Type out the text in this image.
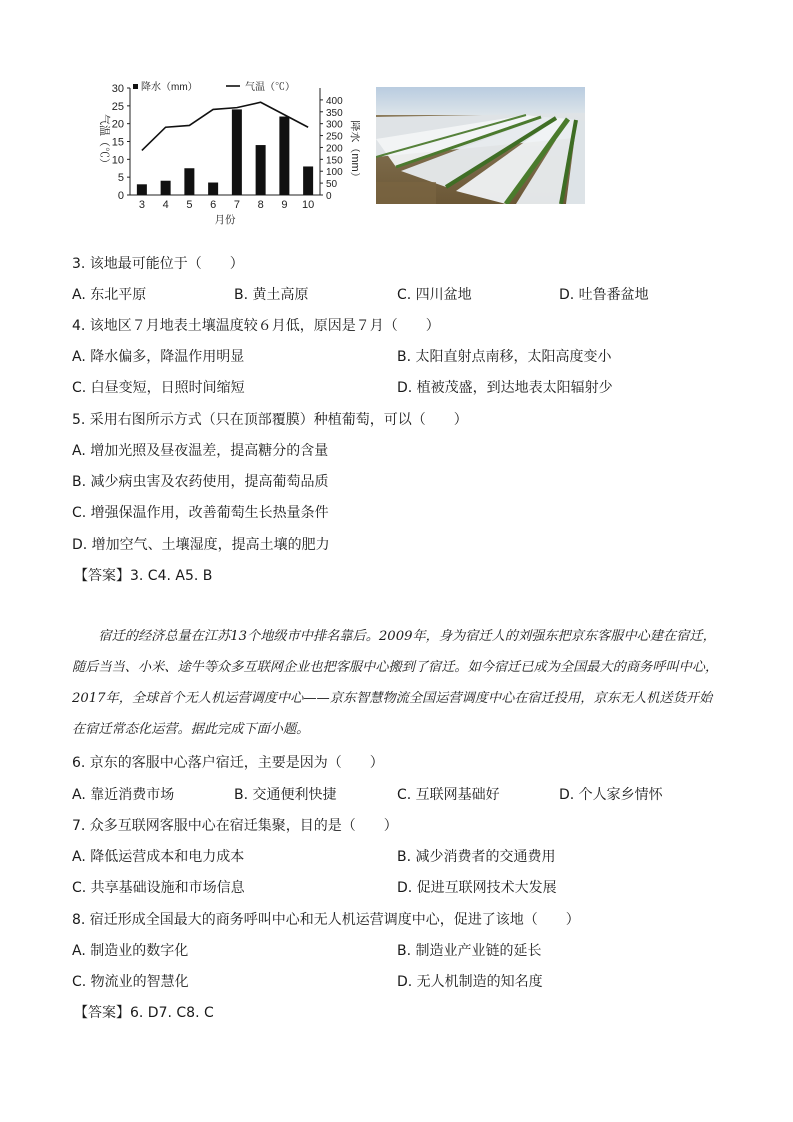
0
5
10
15
20
25
30
0
50
100
150
200
250
300
350
400
3 4 5 6 7 8 9 10
月份
降水（mm）	气温（℃）
气温（℃）	降水（mm）
3. 该地最可能位于（　　）
A. 东北平原	B. 黄土高原	C. 四川盆地	D. 吐鲁番盆地
4. 该地区７月地表土壤温度较６月低，原因是７月（　　）
A. 降水偏多，降温作用明显	B. 太阳直射点南移，太阳高度变小
C. 白昼变短，日照时间缩短	D. 植被茂盛，到达地表太阳辐射少
5. 采用右图所示方式（只在顶部覆膜）种植葡萄，可以（　　）
A. 增加光照及昼夜温差，提高糖分的含量
B. 减少病虫害及农药使用，提高葡萄品质
C. 增强保温作用，改善葡萄生长热量条件
D. 增加空气、土壤湿度，提高土壤的肥力
【答案】3. C4. A5. B
宿迁的经济总量在江苏13个地级市中排名靠后。2009年，身为宿迁人的刘强东把京东客服中心建在宿迁，随后当当、小米、途牛等众多互联网企业也把客服中心搬到了宿迁。如今宿迁已成为全国最大的商务呼叫中心，2017年，全球首个无人机运营调度中心——京东智慧物流全国运营调度中心在宿迁投用，京东无人机送货开始在宿迁常态化运营。据此完成下面小题。
6. 京东的客服中心落户宿迁，主要是因为（　　）
A. 靠近消费市场	B. 交通便利快捷	C. 互联网基础好	D. 个人家乡情怀
7. 众多互联网客服中心在宿迁集聚，目的是（　　）
A. 降低运营成本和电力成本	B. 减少消费者的交通费用
C. 共享基础设施和市场信息	D. 促进互联网技术大发展
8. 宿迁形成全国最大的商务呼叫中心和无人机运营调度中心，促进了该地（　　）
A. 制造业的数字化	B. 制造业产业链的延长
C. 物流业的智慧化	D. 无人机制造的知名度
【答案】6. D7. C8. C
